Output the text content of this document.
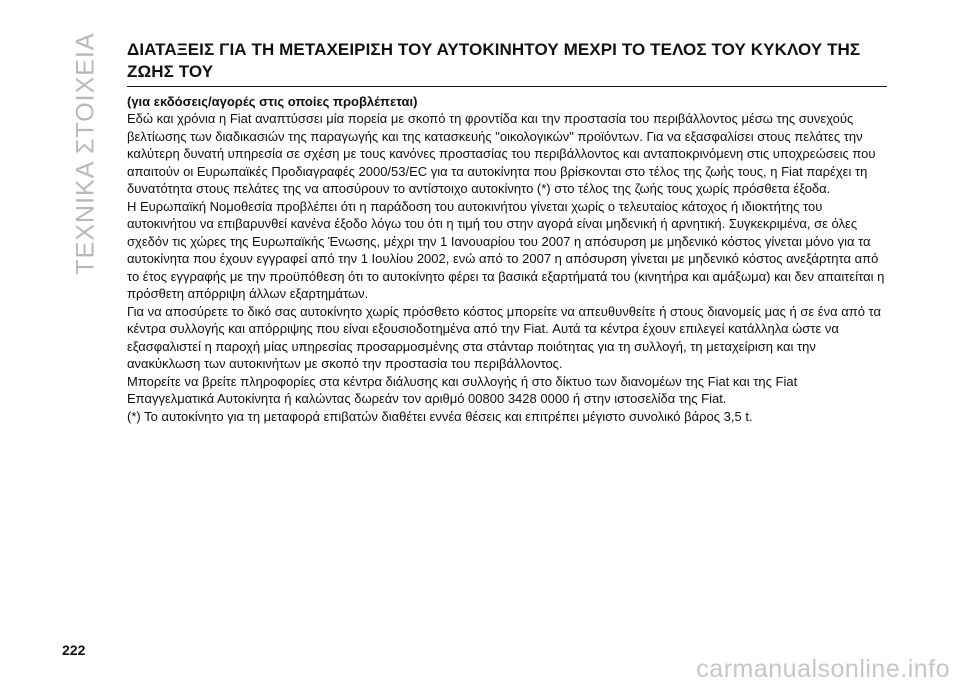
ΤΕΧΝΙΚΑ ΣΤΟΙΧΕΙΑ ΔΙΑΤΑΞΕΙΣ ΓΙΑ ΤΗ ΜΕΤΑΧΕΙΡΙΣΗ ΤΟΥ ΑΥΤΟΚΙΝΗΤΟΥ ΜΕΧΡΙ ΤΟ ΤΕΛΟΣ ΤΟΥ ΚΥΚΛΟΥ ΤΗΣ ΖΩΗΣ ΤΟΥ

(για εκδόσεις/αγορές στις οποίες προβλέπεται)

Εδώ και χρόνια η Fiat αναπτύσσει μία πορεία με σκοπό τη φροντίδα και την προστασία του περιβάλλοντος μέσω της συνεχούς βελτίωσης των διαδικασιών της παραγωγής και της κατασκευής "οικολογικών" προϊόντων. Για να εξασφαλίσει στους πελάτες την καλύτερη δυνατή υπηρεσία σε σχέση με τους κανόνες προστασίας του περιβάλλοντος και ανταποκρινόμενη στις υποχρεώσεις που απαιτούν οι Ευρωπαϊκές Προδιαγραφές 2000/53/EC για τα αυτοκίνητα που βρίσκονται στο τέλος της ζωής τους, η Fiat παρέχει τη δυνατότητα στους πελάτες της να αποσύρουν το αντίστοιχο αυτοκίνητο (*) στο τέλος της ζωής τους χωρίς πρόσθετα έξοδα.

Η Ευρωπαϊκή Νομοθεσία προβλέπει ότι η παράδοση του αυτοκινήτου γίνεται χωρίς ο τελευταίος κάτοχος ή ιδιοκτήτης του αυτοκινήτου να επιβαρυνθεί κανένα έξοδο λόγω του ότι η τιμή του στην αγορά είναι μηδενική ή αρνητική. Συγκεκριμένα, σε όλες σχεδόν τις χώρες της Ευρωπαϊκής Ένωσης, μέχρι την 1 Ιανουαρίου του 2007 η απόσυρση με μηδενικό κόστος γίνεται μόνο για τα αυτοκίνητα που έχουν εγγραφεί από την 1 Ιουλίου 2002, ενώ από το 2007 η απόσυρση γίνεται με μηδενικό κόστος ανεξάρτητα από το έτος εγγραφής με την προϋπόθεση ότι το αυτοκίνητο φέρει τα βασικά εξαρτήματά του (κινητήρα και αμάξωμα) και δεν απαιτείται η πρόσθετη απόρριψη άλλων εξαρτημάτων.

Για να αποσύρετε το δικό σας αυτοκίνητο χωρίς πρόσθετο κόστος μπορείτε να απευθυνθείτε ή στους διανομείς μας ή σε ένα από τα κέντρα συλλογής και απόρριψης που είναι εξουσιοδοτημένα από την Fiat. Αυτά τα κέντρα έχουν επιλεγεί κατάλληλα ώστε να εξασφαλιστεί η παροχή μίας υπηρεσίας προσαρμοσμένης στα στάνταρ ποιότητας για τη συλλογή, τη μεταχείριση και την ανακύκλωση των αυτοκινήτων με σκοπό την προστασία του περιβάλλοντος.

Μπορείτε να βρείτε πληροφορίες στα κέντρα διάλυσης και συλλογής ή στο δίκτυο των διανομέων της Fiat και της Fiat Επαγγελματικά Αυτοκίνητα ή καλώντας δωρεάν τον αριθμό 00800 3428 0000 ή στην ιστοσελίδα της Fiat.

(*) Το αυτοκίνητο για τη μεταφορά επιβατών διαθέτει εννέα θέσεις και επιτρέπει μέγιστο συνολικό βάρος 3,5 t.

222
carmanualsonline.info
